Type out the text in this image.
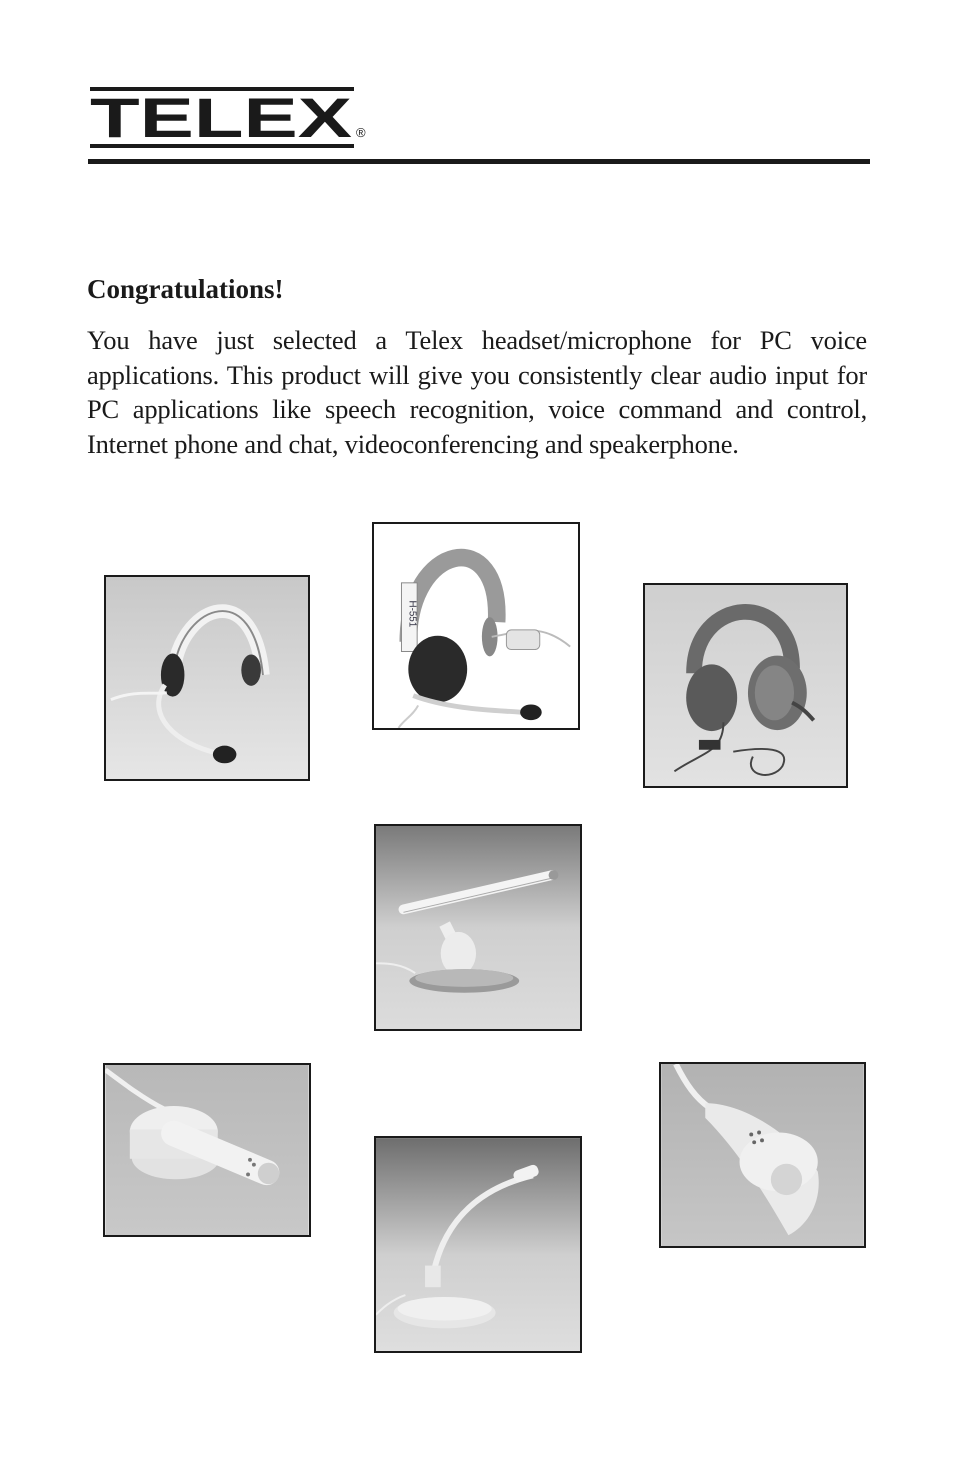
TELEX ®
Congratulations!

You have just selected a Telex headset/microphone for PC voice applications. This product will give you consistently clear audio input for PC applications like speech recognition, voice command and control, Internet phone and chat, videoconferencing and speakerphone.

H-551
